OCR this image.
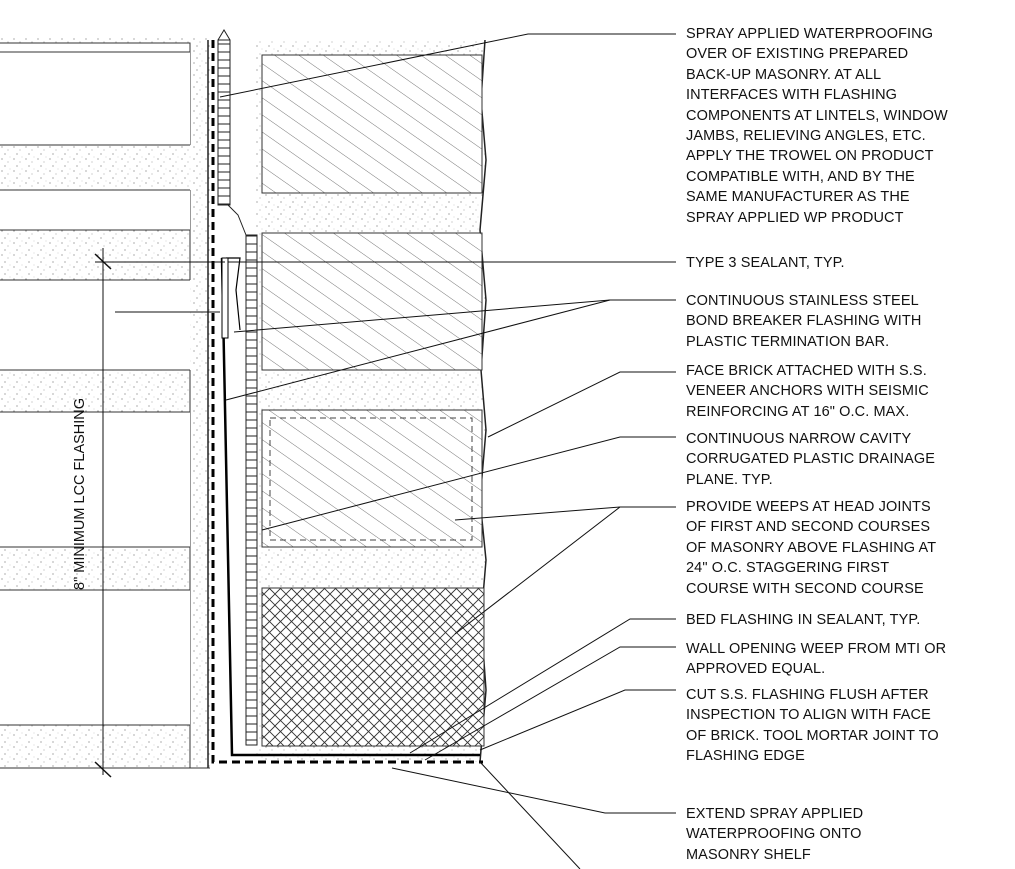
8" MINIMUM LCC FLASHING
SPRAY APPLIED WATERPROOFING
OVER OF EXISTING PREPARED
BACK-UP MASONRY. AT ALL
INTERFACES WITH FLASHING
COMPONENTS AT LINTELS, WINDOW
JAMBS, RELIEVING ANGLES, ETC.
APPLY THE TROWEL ON PRODUCT
COMPATIBLE WITH, AND BY THE
SAME MANUFACTURER AS THE
SPRAY APPLIED WP PRODUCT
TYPE 3 SEALANT, TYP.
CONTINUOUS STAINLESS STEEL
BOND BREAKER FLASHING WITH
PLASTIC TERMINATION BAR.
FACE BRICK ATTACHED WITH S.S.
VENEER ANCHORS WITH SEISMIC
REINFORCING AT 16" O.C. MAX.
CONTINUOUS NARROW CAVITY
CORRUGATED PLASTIC DRAINAGE
PLANE. TYP.
PROVIDE WEEPS AT HEAD JOINTS
OF FIRST AND SECOND COURSES
OF MASONRY ABOVE FLASHING AT
24" O.C. STAGGERING FIRST
COURSE WITH SECOND COURSE
BED FLASHING IN SEALANT, TYP.
WALL OPENING WEEP FROM MTI OR
APPROVED EQUAL.
CUT S.S. FLASHING FLUSH AFTER
INSPECTION TO ALIGN WITH FACE
OF BRICK. TOOL MORTAR JOINT TO
FLASHING EDGE
EXTEND SPRAY APPLIED
WATERPROOFING ONTO
MASONRY SHELF
